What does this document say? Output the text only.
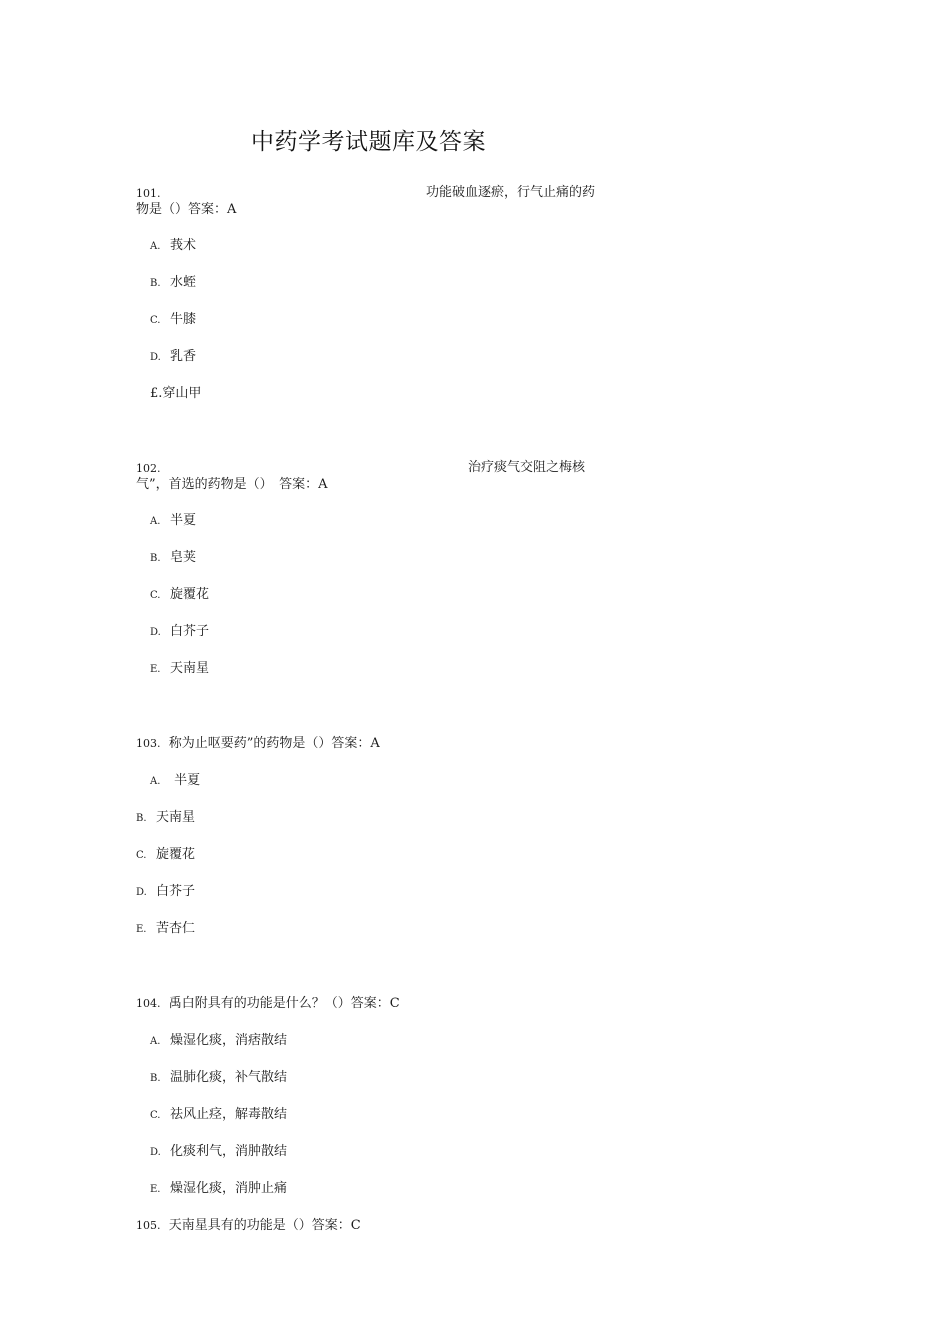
中药学考试题库及答案
101.	功能破血逐瘀，行气止痛的药
物是（）答案：A
A. 莪术
B. 水蛭
C. 牛膝
D. 乳香
£.穿山甲
102.	治疗痰气交阻之梅核
气”，首选的药物是（）　答案：A
A. 半夏
B. 皂荚
C. 旋覆花
D. 白芥子
E. 天南星
103. 称为止呕要药”的药物是（）答案：A
A. 半夏
B. 天南星
C. 旋覆花
D. 白芥子
E. 苦杏仁
104. 禹白附具有的功能是什么？（）答案：C
A. 燥湿化痰，消痞散结
B. 温肺化痰，补气散结
C. 祛风止痉，解毒散结
D. 化痰利气，消肿散结
E. 燥湿化痰，消肿止痛
105. 天南星具有的功能是（）答案：C
